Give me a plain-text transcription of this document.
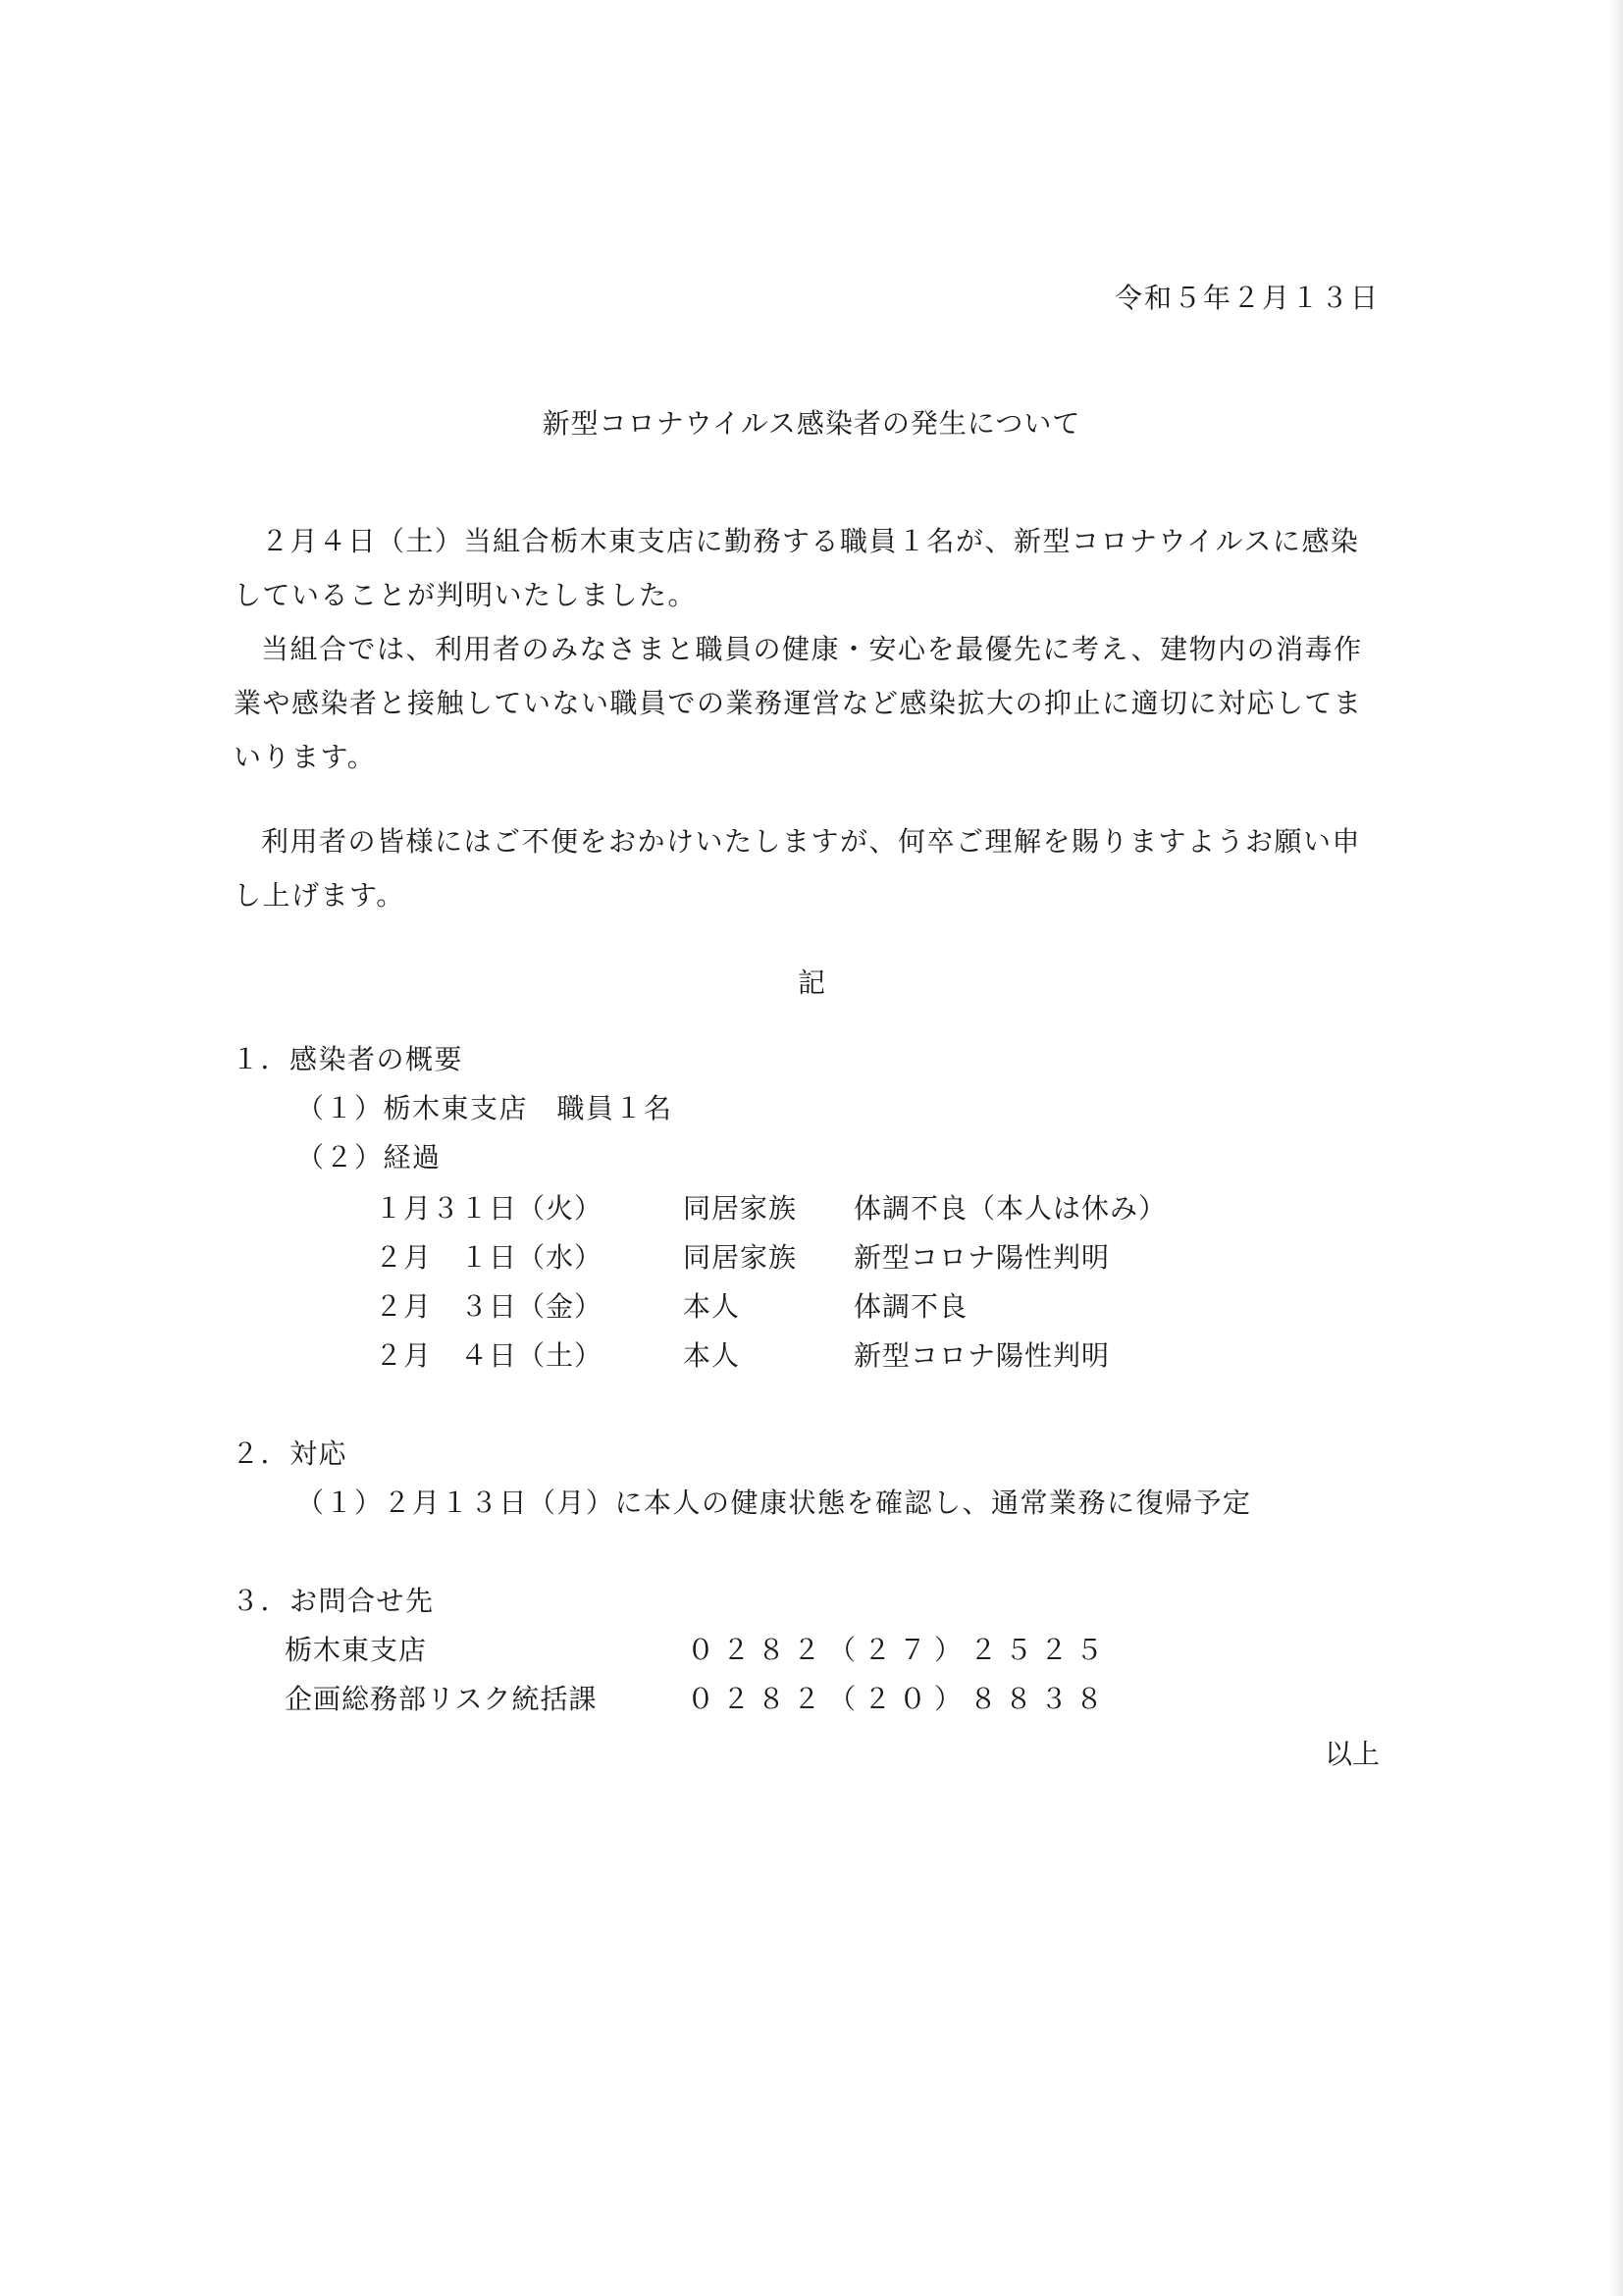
令和５年２月１３日
新型コロナウイルス感染者の発生について

２月４日（土）当組合栃木東支店に勤務する職員１名が、新型コロナウイルスに感染していることが判明いたしました。

当組合では、利用者のみなさまと職員の健康・安心を最優先に考え、建物内の消毒作業や感染者と接触していない職員での業務運営など感染拡大の抑止に適切に対応してまいります。

利用者の皆様にはご不便をおかけいたしますが、何卒ご理解を賜りますようお願い申し上げます。

記
１．感染者の概要
（１）栃木東支店　職員１名
（２）経過
１月３１日（火）	同居家族 体調不良（本人は休み）
２月　１日（水）	同居家族 新型コロナ陽性判明
２月　３日（金）	本人	体調不良
２月　４日（土）	本人	新型コロナ陽性判明
２．対応
（１）２月１３日（月）に本人の健康状態を確認し、通常業務に復帰予定
３．お問合せ先
栃木東支店	０２８２（２７）２５２５
企画総務部リスク統括課	０２８２（２０）８８３８
以上
